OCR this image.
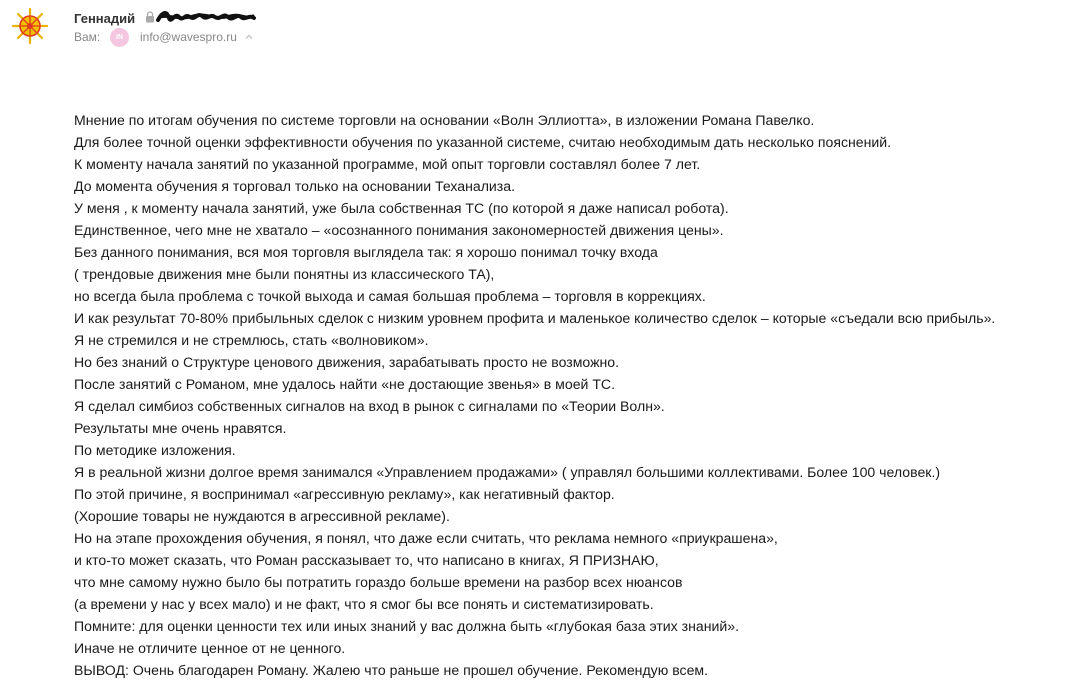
Геннадий
Вам:	IN	info@wavespro.ru
Мнение по итогам обучения по системе торговли на основании «Волн Эллиотта», в изложении Романа Павелко.
Для более точной оценки эффективности обучения по указанной системе, считаю необходимым дать несколько пояснений.
К моменту начала занятий по указанной программе, мой опыт торговли составлял более 7 лет.
До момента обучения я торговал только на основании Теханализа.
У меня , к моменту начала занятий, уже была собственная ТС (по которой я даже написал робота).
Единственное, чего мне не хватало – «осознанного понимания закономерностей движения цены».
Без данного понимания, вся моя торговля выглядела так: я хорошо понимал точку входа
( трендовые движения мне были понятны из классического ТА),
но всегда была проблема с точкой выхода и самая большая проблема – торговля в коррекциях.
И как результат 70-80% прибыльных сделок с низким уровнем профита и маленькое количество сделок – которые «съедали всю прибыль».
Я не стремился и не стремлюсь, стать «волновиком».
Но без знаний о Структуре ценового движения, зарабатывать просто не возможно.
После занятий с Романом, мне удалось найти «не достающие звенья» в моей ТС.
Я сделал симбиоз собственных сигналов на вход в рынок с сигналами по «Теории Волн».
Результаты мне очень нравятся.
По методике изложения.
Я в реальной жизни долгое время занимался «Управлением продажами» ( управлял большими коллективами. Более 100 человек.)
По этой причине, я воспринимал «агрессивную рекламу», как негативный фактор.
(Хорошие товары не нуждаются в агрессивной рекламе).
Но на этапе прохождения обучения, я понял, что даже если считать, что реклама немного «приукрашена»,
и кто-то может сказать, что Роман рассказывает то, что написано в книгах, Я ПРИЗНАЮ,
что мне самому нужно было бы потратить гораздо больше времени на разбор всех нюансов
(а времени у нас у всех мало) и не факт, что я смог бы все понять и систематизировать.
Помните: для оценки ценности тех или иных знаний у вас должна быть «глубокая база этих знаний».
Иначе не отличите ценное от не ценного.
ВЫВОД: Очень благодарен Роману. Жалею что раньше не прошел обучение. Рекомендую всем.
